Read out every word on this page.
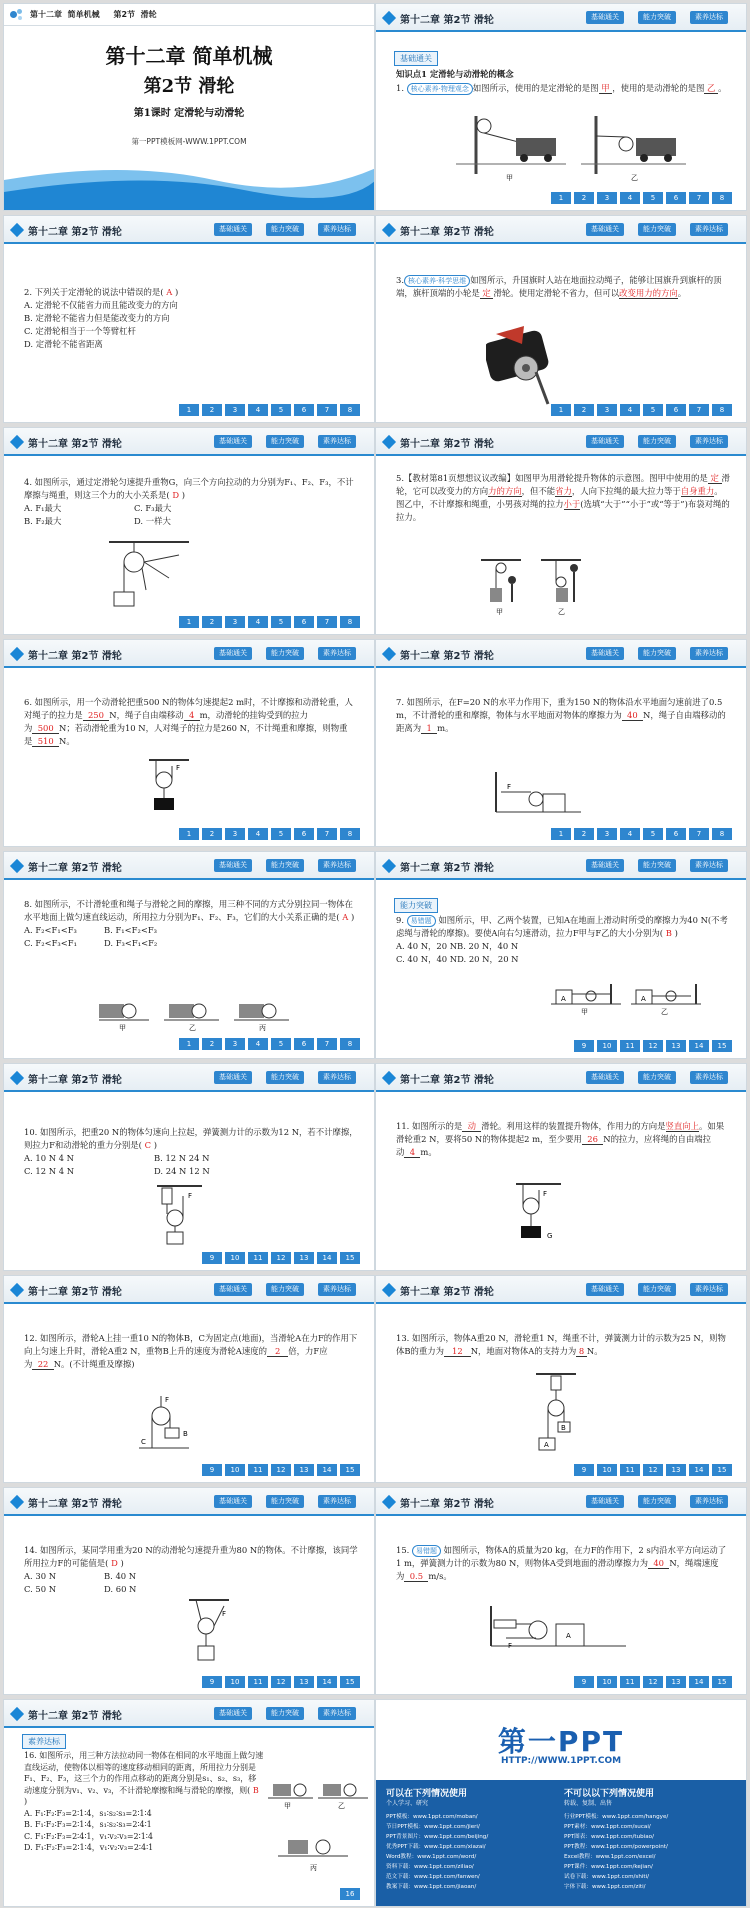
第十二章  简单机械     第2节  滑轮
第十二章 简单机械
第2节 滑轮
第1课时 定滑轮与动滑轮
第一PPT模板网-WWW.1PPT.COM
第十二章 第2节 滑轮	基础通关	能力突破	素养达标
基础通关
知识点1 定滑轮与动滑轮的概念
1. 核心素养·物理观念 如图所示，使用的是定滑轮的是图 甲 ，使用的是动滑轮的是图 乙 。
甲	乙
1	2	3	4	5	6	7	8
第十二章 第2节 滑轮	基础通关	能力突破	素养达标
2. 下列关于定滑轮的说法中错误的是( A )
A. 定滑轮不仅能省力而且能改变力的方向
B. 定滑轮不能省力但是能改变力的方向
C. 定滑轮相当于一个等臂杠杆
D. 定滑轮不能省距离
1	2	3	4	5	6	7	8
第十二章 第2节 滑轮	基础通关	能力突破	素养达标
3. 核心素养·科学思维 如图所示，升国旗时人站在地面拉动绳子，能够让国旗升到旗杆的顶端，旗杆顶端的小轮是 定 滑轮。使用定滑轮不省力，但可以改变用力的方向。
1	2	3	4	5	6	7	8
第十二章 第2节 滑轮	基础通关	能力突破	素养达标
4. 如图所示，通过定滑轮匀速提升重物G，向三个方向拉动的力分别为F₁、F₂、F₃，不计摩擦与绳重，则这三个力的大小关系是( D )
A. F₁最大	C. F₃最大
B. F₂最大	D. 一样大
1	2	3	4	5	6	7	8
第十二章 第2节 滑轮	基础通关	能力突破	素养达标
5.【教材第81页想想议议改编】如图甲为用滑轮提升物体的示意图。图甲中使用的是 定 滑轮，它可以改变力的方向力的方向，但不能省力，人向下拉绳的最大拉力等于自身重力。图乙中，不计摩擦和绳重，小男孩对绳的拉力小于(选填“大于”“小于”或“等于”)布袋对绳的拉力。
甲	乙
第十二章 第2节 滑轮	基础通关	能力突破	素养达标
6. 如图所示，用一个动滑轮把重500 N的物体匀速提起2 m时，不计摩擦和动滑轮重，人对绳子的拉力是 250 N，绳子自由端移动 4 m，动滑轮的挂钩受到的拉力为 500 N；若动滑轮重为10 N，人对绳子的拉力是260 N，不计绳重和摩擦，则物重是 510 N。
F
1	2	3	4	5	6	7	8
第十二章 第2节 滑轮	基础通关	能力突破	素养达标
7. 如图所示，在F=20 N的水平力作用下，重为150 N的物体沿水平地面匀速前进了0.5 m，不计滑轮的重和摩擦，物体与水平地面对物体的摩擦力为 40 N，绳子自由端移动的距离为 1 m。
F
1	2	3	4	5	6	7	8
第十二章 第2节 滑轮	基础通关	能力突破	素养达标
8. 如图所示，不计滑轮重和绳子与滑轮之间的摩擦，用三种不同的方式分别拉同一物体在水平地面上做匀速直线运动，所用拉力分别为F₁、F₂、F₃，它们的大小关系正确的是( A )
A. F₂<F₁<F₃	B. F₁<F₂<F₃
C. F₂<F₃<F₁	D. F₃<F₁<F₂
甲	乙	丙
1	2	3	4	5	6	7	8
第十二章 第2节 滑轮	基础通关	能力突破	素养达标
能力突破
9. 易错题 如图所示，甲、乙两个装置，已知A在地面上滑动时所受的摩擦力为40 N(不考虑绳与滑轮的摩擦)。要使A向右匀速滑动，拉力F甲与F乙的大小分别为( B )
A. 40 N，20 NB. 20 N，40 N
C. 40 N，40 ND. 20 N，20 N
A
甲
A
乙
9	10	11	12	13	14	15
第十二章 第2节 滑轮	基础通关	能力突破	素养达标
10. 如图所示，把重20 N的物体匀速向上拉起，弹簧测力计的示数为12 N，若不计摩擦，则拉力F和动滑轮的重力分别是( C )
A. 10 N 4 N	B. 12 N 24 N
C. 12 N 4 N	D. 24 N 12 N
F
9	10	11	12	13	14	15
第十二章 第2节 滑轮	基础通关	能力突破	素养达标
11. 如图所示的是 动 滑轮。利用这样的装置提升物体，作用力的方向是竖直向上。如果滑轮重2 N，要将50 N的物体提起2 m，至少要用 26 N的拉力，应将绳的自由端拉动 4 m。
F
G
第十二章 第2节 滑轮	基础通关	能力突破	素养达标
12. 如图所示，滑轮A上挂一重10 N的物体B，C为固定点(地面)，当滑轮A在力F的作用下向上匀速上升时，滑轮A重2 N，重物B上升的速度为滑轮A速度的 2 倍，力F应为 22 N。(不计绳重及摩擦)
F
B
C
9	10	11	12	13	14	15
第十二章 第2节 滑轮	基础通关	能力突破	素养达标
13. 如图所示，物体A重20 N，滑轮重1 N，绳重不计，弹簧测力计的示数为25 N，则物体B的重力为 12 N，地面对物体A的支持力为 8 N。
B
A
9	10	11	12	13	14	15
第十二章 第2节 滑轮	基础通关	能力突破	素养达标
14. 如图所示，某同学用重为20 N的动滑轮匀速提升重为80 N的物体。不计摩擦，该同学所用拉力F的可能值是( D )
A. 30 N	B. 40 N
C. 50 N	D. 60 N
F
9	10	11	12	13	14	15
第十二章 第2节 滑轮	基础通关	能力突破	素养达标
15. 易错题 如图所示，物体A的质量为20 kg，在力F的作用下，2 s内沿水平方向运动了1 m，弹簧测力计的示数为80 N，则物体A受到地面的滑动摩擦力为 40 N，绳端速度为 0.5 m/s。
F
A
9	10	11	12	13	14	15
第十二章 第2节 滑轮	基础通关	能力突破	素养达标
素养达标
16. 如图所示，用三种方法拉动同一物体在相同的水平地面上做匀速直线运动，使物体以相等的速度移动相同的距离，所用拉力分别是F₁、F₂、F₃，这三个力的作用点移动的距离分别是s₁、s₂、s₃，移动速度分别为v₁、v₂、v₃，不计滑轮摩擦和绳与滑轮的摩擦，则( B )
A. F₁∶F₂∶F₃=2∶1∶4，s₁∶s₂∶s₃=2∶1∶4
B. F₁∶F₂∶F₃=2∶1∶4，s₁∶s₂∶s₃=2∶4∶1
C. F₁∶F₂∶F₃=2∶4∶1，v₁∶v₂∶v₃=2∶1∶4
D. F₁∶F₂∶F₃=2∶1∶4，v₁∶v₂∶v₃=2∶4∶1
甲	乙
丙
16
第一PPT
HTTP://WWW.1PPT.COM
可以在下列情况使用
个人学习、研究
不可以以下列情况使用
转载、复制、出售
PPT模板：www.1ppt.com/moban/
节日PPT模板：www.1ppt.com/jieri/
PPT背景图片：www.1ppt.com/beijing/
优秀PPT下载：www.1ppt.com/xiazai/
Word教程：www.1ppt.com/word/
资料下载：www.1ppt.com/ziliao/
范文下载：www.1ppt.com/fanwen/
教案下载：www.1ppt.com/jiaoan/
行业PPT模板：www.1ppt.com/hangye/
PPT素材：www.1ppt.com/sucai/
PPT图表：www.1ppt.com/tubiao/
PPT教程：www.1ppt.com/powerpoint/
Excel教程：www.1ppt.com/excel/
PPT课件：www.1ppt.com/kejian/
试卷下载：www.1ppt.com/shiti/
字体下载：www.1ppt.com/ziti/
